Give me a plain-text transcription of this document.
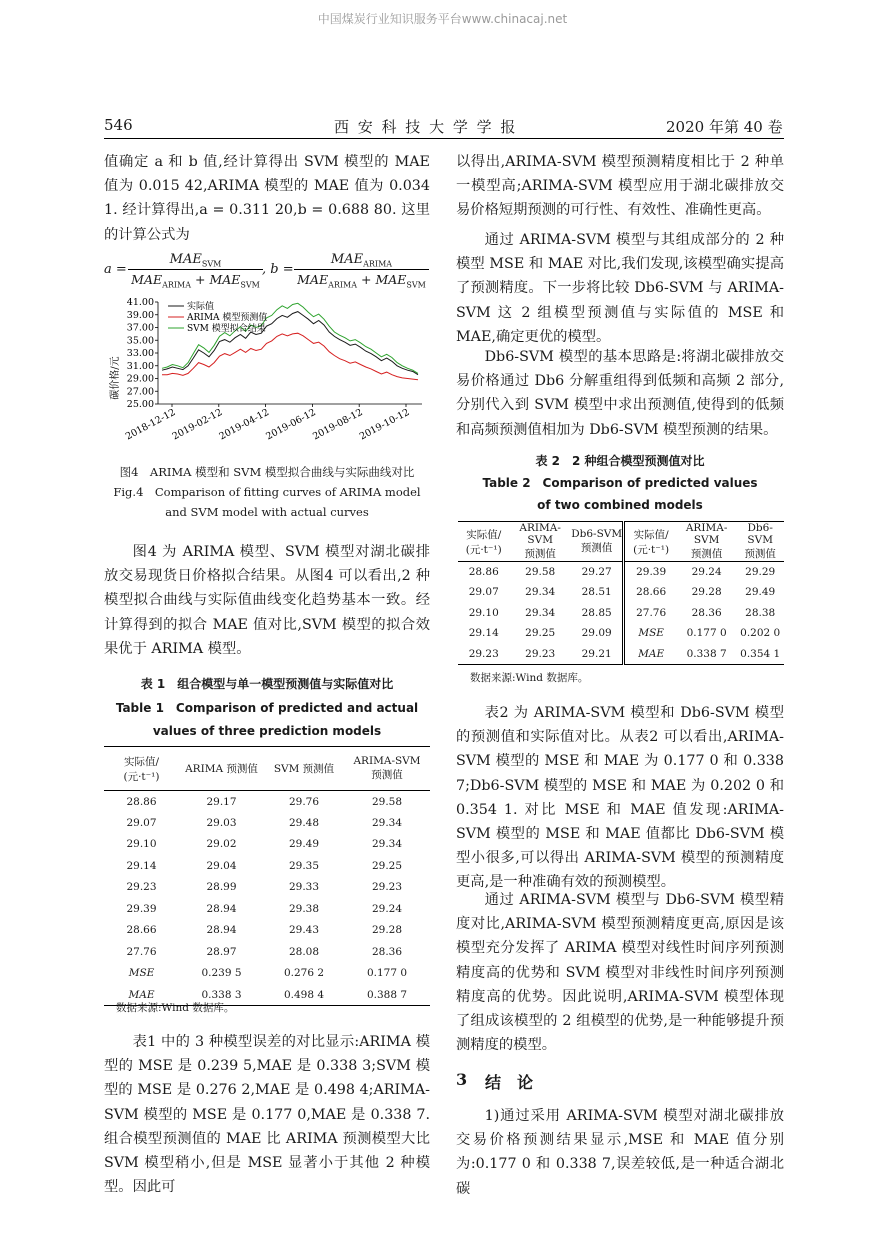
中国煤炭行业知识服务平台www.chinacaj.net
546	西 安 科 技 大 学 学 报	2020 年第 40 卷

值确定 a 和 b 值,经计算得出 SVM 模型的 MAE 值为 0.015 42,ARIMA 模型的 MAE 值为 0.034 1. 经计算得出,a = 0.311 20,b = 0.688 80. 这里的计算公式为

a =
$MAE_{SVM}$
$MAE_{ARIMA} + MAE_{SVM}$
, b =
$MAE_{ARIMA}$
$MAE_{ARIMA} + MAE_{SVM}$
41.00
39.00
37.00
35.00
33.00
31.00
29.00
27.00
25.00
2018-12-12
2019-02-12
2019-04-12
2019-06-12
2019-08-12
2019-10-12
实际值
ARIMA 模型预测值
SVM 模型拟合结果
碳价格/元
图4　ARIMA 模型和 SVM 模型拟合曲线与实际曲线对比
Fig.4　Comparison of fitting curves of ARIMA model
and SVM model with actual curves

图4 为 ARIMA 模型、SVM 模型对湖北碳排放交易现货日价格拟合结果。从图4 可以看出,2 种模型拟合曲线与实际值曲线变化趋势基本一致。经计算得到的拟合 MAE 值对比,SVM 模型的拟合效果优于 ARIMA 模型。

表 1　组合模型与单一模型预测值与实际值对比
Table 1　Comparison of predicted and actual
values of three prediction models
实际值/
(元·t⁻¹)	ARIMA 预测值	SVM 预测值	ARIMA-SVM
预测值
28.86	29.17	29.76	29.58
29.07	29.03	29.48	29.34
29.10	29.02	29.49	29.34
29.14	29.04	29.35	29.25
29.23	28.99	29.33	29.23
29.39	28.94	29.38	29.24
28.66	28.94	29.43	29.28
27.76	28.97	28.08	28.36
MSE	0.239 5	0.276 2	0.177 0
MAE	0.338 3	0.498 4	0.388 7
数据来源:Wind 数据库。

表1 中的 3 种模型误差的对比显示:ARIMA 模型的 MSE 是 0.239 5,MAE 是 0.338 3;SVM 模型的 MSE 是 0.276 2,MAE 是 0.498 4;ARIMA-SVM 模型的 MSE 是 0.177 0,MAE 是 0.338 7. 组合模型预测值的 MAE 比 ARIMA 预测模型大比 SVM 模型稍小,但是 MSE 显著小于其他 2 种模型。因此可

以得出,ARIMA-SVM 模型预测精度相比于 2 种单一模型高;ARIMA-SVM 模型应用于湖北碳排放交易价格短期预测的可行性、有效性、准确性更高。

通过 ARIMA-SVM 模型与其组成部分的 2 种模型 MSE 和 MAE 对比,我们发现,该模型确实提高了预测精度。下一步将比较 Db6-SVM 与 ARIMA-SVM 这 2 组模型预测值与实际值的 MSE 和 MAE,确定更优的模型。

Db6-SVM 模型的基本思路是:将湖北碳排放交易价格通过 Db6 分解重组得到低频和高频 2 部分,分别代入到 SVM 模型中求出预测值,使得到的低频和高频预测值相加为 Db6-SVM 模型预测的结果。

表 2　2 种组合模型预测值对比
Table 2　Comparison of predicted values
of two combined models
实际值/
(元·t⁻¹)	ARIMA-SVM
预测值	Db6-SVM
预测值	实际值/
(元·t⁻¹)	ARIMA-SVM
预测值	Db6-SVM
预测值
28.86	29.58	29.27	29.39	29.24	29.29
29.07	29.34	28.51	28.66	29.28	29.49
29.10	29.34	28.85	27.76	28.36	28.38
29.14	29.25	29.09	MSE	0.177 0	0.202 0
29.23	29.23	29.21	MAE	0.338 7	0.354 1
数据来源:Wind 数据库。

表2 为 ARIMA-SVM 模型和 Db6-SVM 模型的预测值和实际值对比。从表2 可以看出,ARIMA-SVM 模型的 MSE 和 MAE 为 0.177 0 和 0.338 7;Db6-SVM 模型的 MSE 和 MAE 为 0.202 0 和 0.354 1. 对比 MSE 和 MAE 值发现:ARIMA-SVM 模型的 MSE 和 MAE 值都比 Db6-SVM 模型小很多,可以得出 ARIMA-SVM 模型的预测精度更高,是一种准确有效的预测模型。

通过 ARIMA-SVM 模型与 Db6-SVM 模型精度对比,ARIMA-SVM 模型预测精度更高,原因是该模型充分发挥了 ARIMA 模型对线性时间序列预测精度高的优势和 SVM 模型对非线性时间序列预测精度高的优势。因此说明,ARIMA-SVM 模型体现了组成该模型的 2 组模型的优势,是一种能够提升预测精度的模型。

3 结　论

1)通过采用 ARIMA-SVM 模型对湖北碳排放交易价格预测结果显示,MSE 和 MAE 值分别为:0.177 0 和 0.338 7,误差较低,是一种适合湖北碳
